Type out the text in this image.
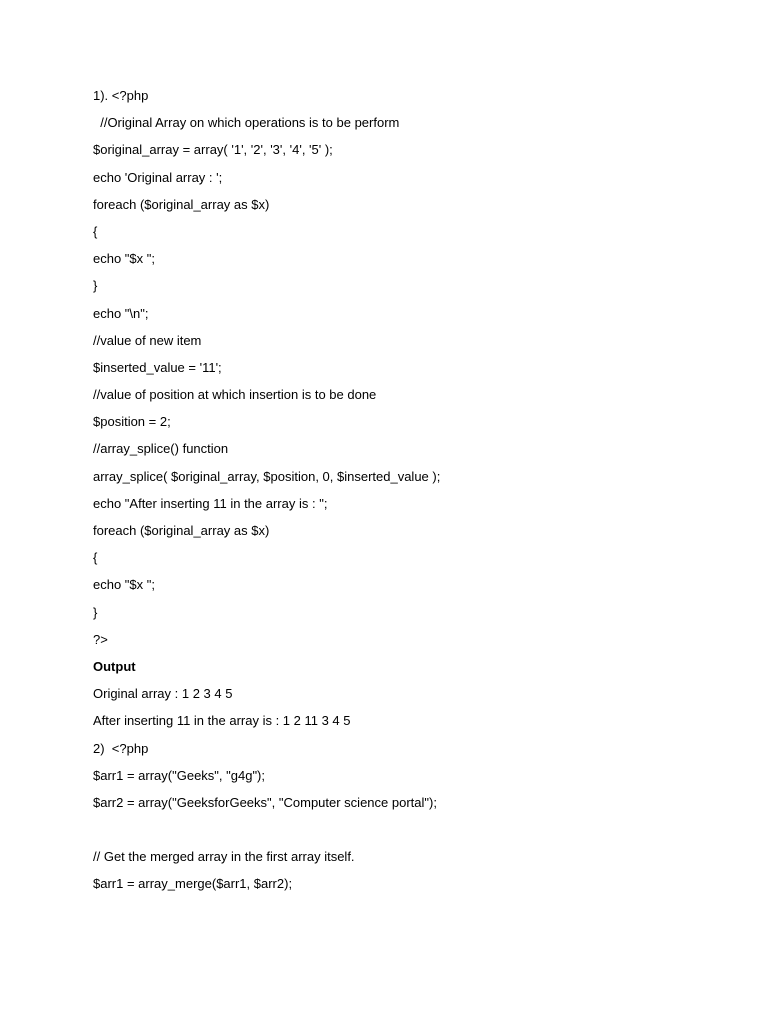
1). <?php
//Original Array on which operations is to be perform
$original_array = array( '1', '2', '3', '4', '5' );
echo 'Original array : ';
foreach ($original_array as $x)
{
echo "$x ";
}
echo "\n";
//value of new item
$inserted_value = '11';
//value of position at which insertion is to be done
$position = 2;
//array_splice() function
array_splice( $original_array, $position, 0, $inserted_value );
echo "After inserting 11 in the array is : ";
foreach ($original_array as $x)
{
echo "$x ";
}
?>
Output
Original array : 1 2 3 4 5
After inserting 11 in the array is : 1 2 11 3 4 5
2)  <?php
$arr1 = array("Geeks", "g4g");
$arr2 = array("GeeksforGeeks", "Computer science portal");
// Get the merged array in the first array itself.
$arr1 = array_merge($arr1, $arr2);
